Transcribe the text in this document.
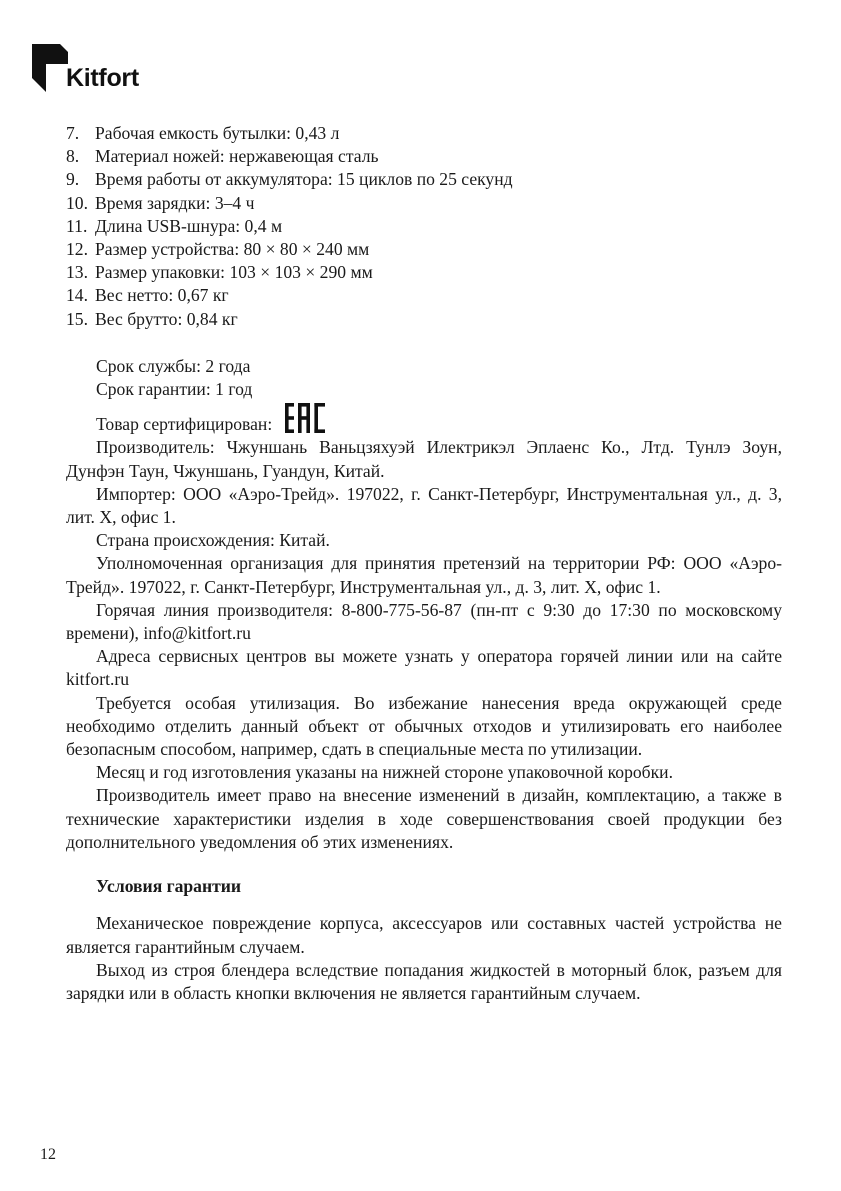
Kitfort
7. Рабочая емкость бутылки: 0,43 л
8. Материал ножей: нержавеющая сталь
9. Время работы от аккумулятора: 15 циклов по 25 секунд
10. Время зарядки: 3–4 ч
11. Длина USB-шнура: 0,4 м
12. Размер устройства: 80 × 80 × 240 мм
13. Размер упаковки: 103 × 103 × 290 мм
14. Вес нетто: 0,67 кг
15. Вес брутто: 0,84 кг
Срок службы: 2 года
Срок гарантии: 1 год
Товар сертифицирован:

Производитель: Чжуншань Ваньцзяхуэй Илектрикэл Эплаенс Ко., Лтд. Тунлэ Зоун, Дунфэн Таун, Чжуншань, Гуандун, Китай.

Импортер: ООО «Аэро-Трейд». 197022, г. Санкт-Петербург, Инструментальная ул., д. 3, лит. Х, офис 1.

Страна происхождения: Китай.

Уполномоченная организация для принятия претензий на территории РФ: ООО «Аэро-Трейд». 197022, г. Санкт-Петербург, Инструментальная ул., д. 3, лит. Х, офис 1.

Горячая линия производителя: 8-800-775-56-87 (пн-пт с 9:30 до 17:30 по московскому времени), info@kitfort.ru

Адреса сервисных центров вы можете узнать у оператора горячей линии или на сайте kitfort.ru

Требуется особая утилизация. Во избежание нанесения вреда окружающей среде необходимо отделить данный объект от обычных отходов и утилизировать его наиболее безопасным способом, например, сдать в специальные места по утилизации.

Месяц и год изготовления указаны на нижней стороне упаковочной коробки.

Производитель имеет право на внесение изменений в дизайн, комплектацию, а также в технические характеристики изделия в ходе совершенствования своей продукции без дополнительного уведомления об этих изменениях.

Условия гарантии

Механическое повреждение корпуса, аксессуаров или составных частей устройства не является гарантийным случаем.

Выход из строя блендера вследствие попадания жидкостей в моторный блок, разъем для зарядки или в область кнопки включения не является гарантийным случаем.

12
